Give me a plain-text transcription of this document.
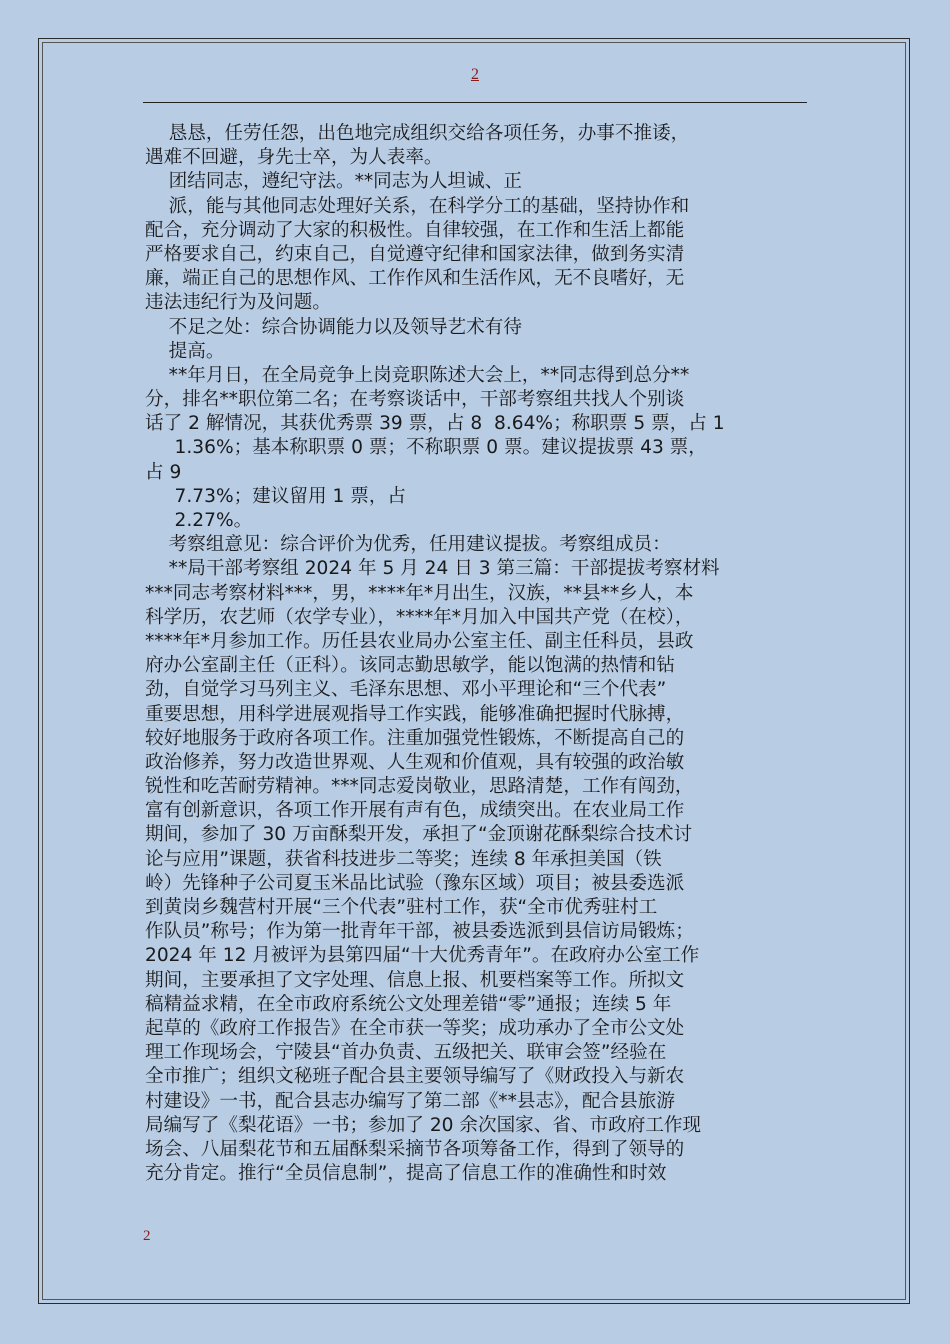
2
恳恳，任劳任怨，出色地完成组织交给各项任务，办事不推诿，
遇难不回避，身先士卒，为人表率。
团结同志，遵纪守法。**同志为人坦诚、正
派，能与其他同志处理好关系，在科学分工的基础，坚持协作和
配合，充分调动了大家的积极性。自律较强，在工作和生活上都能
严格要求自己，约束自己，自觉遵守纪律和国家法律，做到务实清
廉，端正自己的思想作风、工作作风和生活作风，无不良嗜好，无
违法违纪行为及问题。
不足之处：综合协调能力以及领导艺术有待
提高。
**年月日，在全局竞争上岗竞职陈述大会上，**同志得到总分**
分，排名**职位第二名；在考察谈话中，干部考察组共找人个别谈
话了 2 解情况，其获优秀票 39 票，占 8  8.64%；称职票 5 票，占 1
1.36%；基本称职票 0 票；不称职票 0 票。建议提拔票 43 票，
占 9
7.73%；建议留用 1 票，占
2.27%。
考察组意见：综合评价为优秀，任用建议提拔。考察组成员：
**局干部考察组 2024 年 5 月 24 日 3 第三篇：干部提拔考察材料
***同志考察材料***，男，****年*月出生，汉族，**县**乡人，本
科学历，农艺师（农学专业），****年*月加入中国共产党（在校），
****年*月参加工作。历任县农业局办公室主任、副主任科员，县政
府办公室副主任（正科）。该同志勤思敏学，能以饱满的热情和钻
劲，自觉学习马列主义、毛泽东思想、邓小平理论和“三个代表”
重要思想，用科学进展观指导工作实践，能够准确把握时代脉搏，
较好地服务于政府各项工作。注重加强党性锻炼，不断提高自己的
政治修养，努力改造世界观、人生观和价值观，具有较强的政治敏
锐性和吃苦耐劳精神。***同志爱岗敬业，思路清楚，工作有闯劲，
富有创新意识，各项工作开展有声有色，成绩突出。在农业局工作
期间，参加了 30 万亩酥梨开发，承担了“金顶谢花酥梨综合技术讨
论与应用”课题，获省科技进步二等奖；连续 8 年承担美国（铁
岭）先锋种子公司夏玉米品比试验（豫东区域）项目；被县委选派
到黄岗乡魏营村开展“三个代表”驻村工作，获“全市优秀驻村工
作队员”称号；作为第一批青年干部，被县委选派到县信访局锻炼；
2024 年 12 月被评为县第四届“十大优秀青年”。在政府办公室工作
期间，主要承担了文字处理、信息上报、机要档案等工作。所拟文
稿精益求精，在全市政府系统公文处理差错“零”通报；连续 5 年
起草的《政府工作报告》在全市获一等奖；成功承办了全市公文处
理工作现场会，宁陵县“首办负责、五级把关、联审会签”经验在
全市推广；组织文秘班子配合县主要领导编写了《财政投入与新农
村建设》一书，配合县志办编写了第二部《**县志》，配合县旅游
局编写了《梨花语》一书；参加了 20 余次国家、省、市政府工作现
场会、八届梨花节和五届酥梨采摘节各项筹备工作，得到了领导的
充分肯定。推行“全员信息制”，提高了信息工作的准确性和时效
2
